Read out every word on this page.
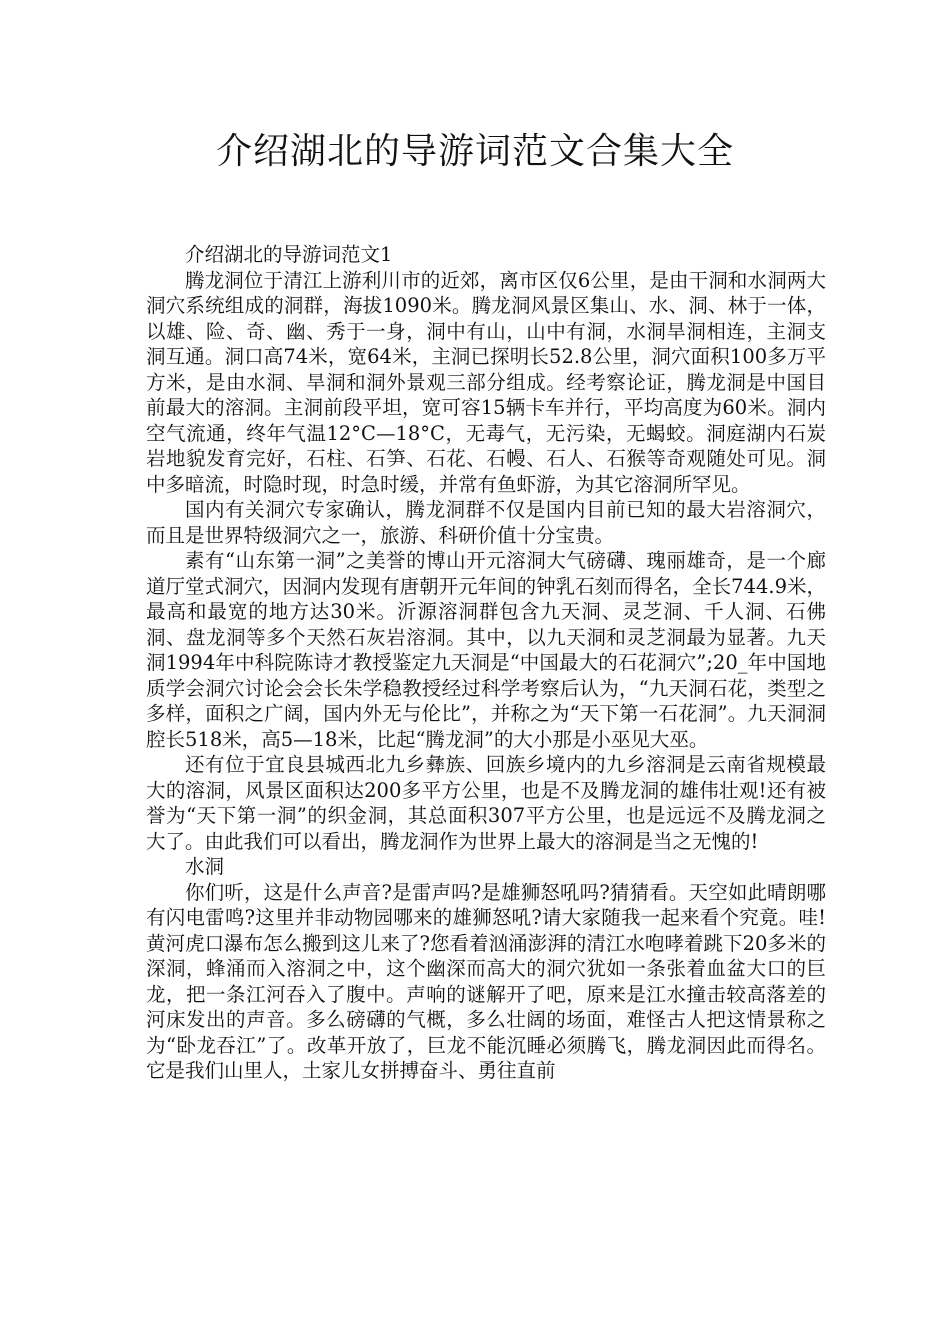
介绍湖北的导游词范文合集大全

介绍湖北的导游词范文1

腾龙洞位于清江上游利川市的近郊，离市区仅6公里，是由干洞和水洞两大洞穴系统组成的洞群，海拔1090米。腾龙洞风景区集山、水、洞、林于一体，以雄、险、奇、幽、秀于一身，洞中有山，山中有洞，水洞旱洞相连，主洞支洞互通。洞口高74米，宽64米，主洞已探明长52.8公里，洞穴面积100多万平方米，是由水洞、旱洞和洞外景观三部分组成。经考察论证，腾龙洞是中国目前最大的溶洞。主洞前段平坦，宽可容15辆卡车并行，平均高度为60米。洞内空气流通，终年气温12°C—18°C，无毒气，无污染，无蝎蛟。洞庭湖内石炭岩地貌发育完好，石柱、石笋、石花、石幔、石人、石猴等奇观随处可见。洞中多暗流，时隐时现，时急时缓，并常有鱼虾游，为其它溶洞所罕见。

国内有关洞穴专家确认，腾龙洞群不仅是国内目前已知的最大岩溶洞穴，而且是世界特级洞穴之一，旅游、科研价值十分宝贵。

素有“山东第一洞”之美誉的博山开元溶洞大气磅礴、瑰丽雄奇，是一个廊道厅堂式洞穴，因洞内发现有唐朝开元年间的钟乳石刻而得名，全长744.9米，最高和最宽的地方达30米。沂源溶洞群包含九天洞、灵芝洞、千人洞、石佛洞、盘龙洞等多个天然石灰岩溶洞。其中，以九天洞和灵芝洞最为显著。九天洞1994年中科院陈诗才教授鉴定九天洞是“中国最大的石花洞穴”;20_年中国地质学会洞穴讨论会会长朱学稳教授经过科学考察后认为，“九天洞石花，类型之多样，面积之广阔，国内外无与伦比”，并称之为“天下第一石花洞”。九天洞洞腔长518米，高5—18米，比起“腾龙洞”的大小那是小巫见大巫。

还有位于宜良县城西北九乡彝族、回族乡境内的九乡溶洞是云南省规模最大的溶洞，风景区面积达200多平方公里，也是不及腾龙洞的雄伟壮观!还有被誉为“天下第一洞”的织金洞，其总面积307平方公里，也是远远不及腾龙洞之大了。由此我们可以看出，腾龙洞作为世界上最大的溶洞是当之无愧的!

水洞

你们听，这是什么声音?是雷声吗?是雄狮怒吼吗?猜猜看。天空如此晴朗哪有闪电雷鸣?这里并非动物园哪来的雄狮怒吼?请大家随我一起来看个究竟。哇!黄河虎口瀑布怎么搬到这儿来了?您看着汹涌澎湃的清江水咆哮着跳下20多米的深洞，蜂涌而入溶洞之中，这个幽深而高大的洞穴犹如一条张着血盆大口的巨龙，把一条江河吞入了腹中。声响的谜解开了吧，原来是江水撞击较高落差的河床发出的声音。多么磅礴的气概，多么壮阔的场面，难怪古人把这情景称之为“卧龙吞江”了。改革开放了，巨龙不能沉睡必须腾飞，腾龙洞因此而得名。它是我们山里人，土家儿女拼搏奋斗、勇往直前
